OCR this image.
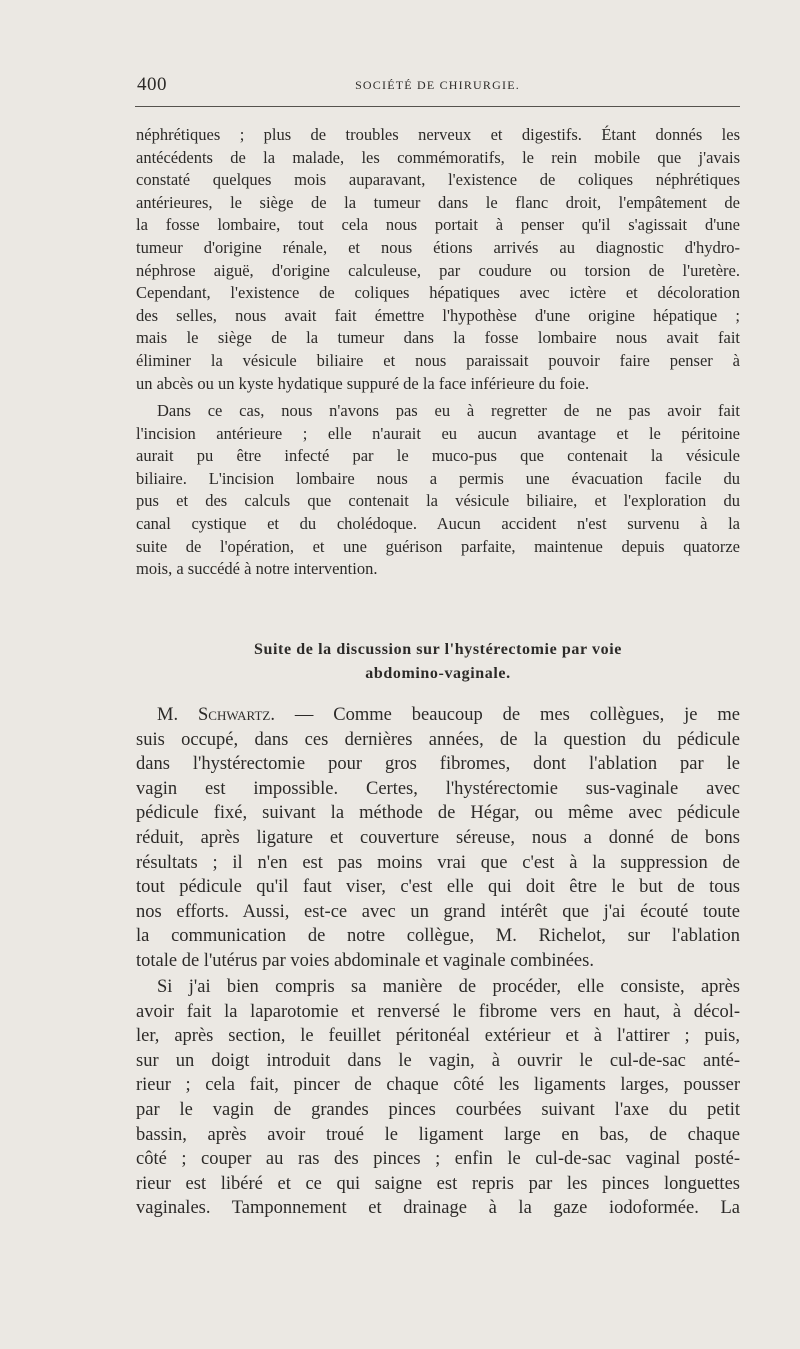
400	SOCIÉTÉ DE CHIRURGIE.
néphrétiques ; plus de troubles nerveux et digestifs. Étant donnés les
antécédents de la malade, les commémoratifs, le rein mobile que j'avais
constaté quelques mois auparavant, l'existence de coliques néphrétiques
antérieures, le siège de la tumeur dans le flanc droit, l'empâtement de
la fosse lombaire, tout cela nous portait à penser qu'il s'agissait d'une
tumeur d'origine rénale, et nous étions arrivés au diagnostic d'hydro-
néphrose aiguë, d'origine calculeuse, par coudure ou torsion de l'uretère.
Cependant, l'existence de coliques hépatiques avec ictère et décoloration
des selles, nous avait fait émettre l'hypothèse d'une origine hépatique ;
mais le siège de la tumeur dans la fosse lombaire nous avait fait
éliminer la vésicule biliaire et nous paraissait pouvoir faire penser à
un abcès ou un kyste hydatique suppuré de la face inférieure du foie.
Dans ce cas, nous n'avons pas eu à regretter de ne pas avoir fait
l'incision antérieure ; elle n'aurait eu aucun avantage et le péritoine
aurait pu être infecté par le muco-pus que contenait la vésicule
biliaire. L'incision lombaire nous a permis une évacuation facile du
pus et des calculs que contenait la vésicule biliaire, et l'exploration du
canal cystique et du cholédoque. Aucun accident n'est survenu à la
suite de l'opération, et une guérison parfaite, maintenue depuis quatorze
mois, a succédé à notre intervention.
Suite de la discussion sur l'hystérectomie par voie
abdomino-vaginale.
M. Schwartz. — Comme beaucoup de mes collègues, je me
suis occupé, dans ces dernières années, de la question du pédicule
dans l'hystérectomie pour gros fibromes, dont l'ablation par le
vagin est impossible. Certes, l'hystérectomie sus-vaginale avec
pédicule fixé, suivant la méthode de Hégar, ou même avec pédicule
réduit, après ligature et couverture séreuse, nous a donné de bons
résultats ; il n'en est pas moins vrai que c'est à la suppression de
tout pédicule qu'il faut viser, c'est elle qui doit être le but de tous
nos efforts. Aussi, est-ce avec un grand intérêt que j'ai écouté toute
la communication de notre collègue, M. Richelot, sur l'ablation
totale de l'utérus par voies abdominale et vaginale combinées.
Si j'ai bien compris sa manière de procéder, elle consiste, après
avoir fait la laparotomie et renversé le fibrome vers en haut, à décol-
ler, après section, le feuillet péritonéal extérieur et à l'attirer ; puis,
sur un doigt introduit dans le vagin, à ouvrir le cul-de-sac anté-
rieur ; cela fait, pincer de chaque côté les ligaments larges, pousser
par le vagin de grandes pinces courbées suivant l'axe du petit
bassin, après avoir troué le ligament large en bas, de chaque
côté ; couper au ras des pinces ; enfin le cul-de-sac vaginal posté-
rieur est libéré et ce qui saigne est repris par les pinces longuettes
vaginales. Tamponnement et drainage à la gaze iodoformée. La
